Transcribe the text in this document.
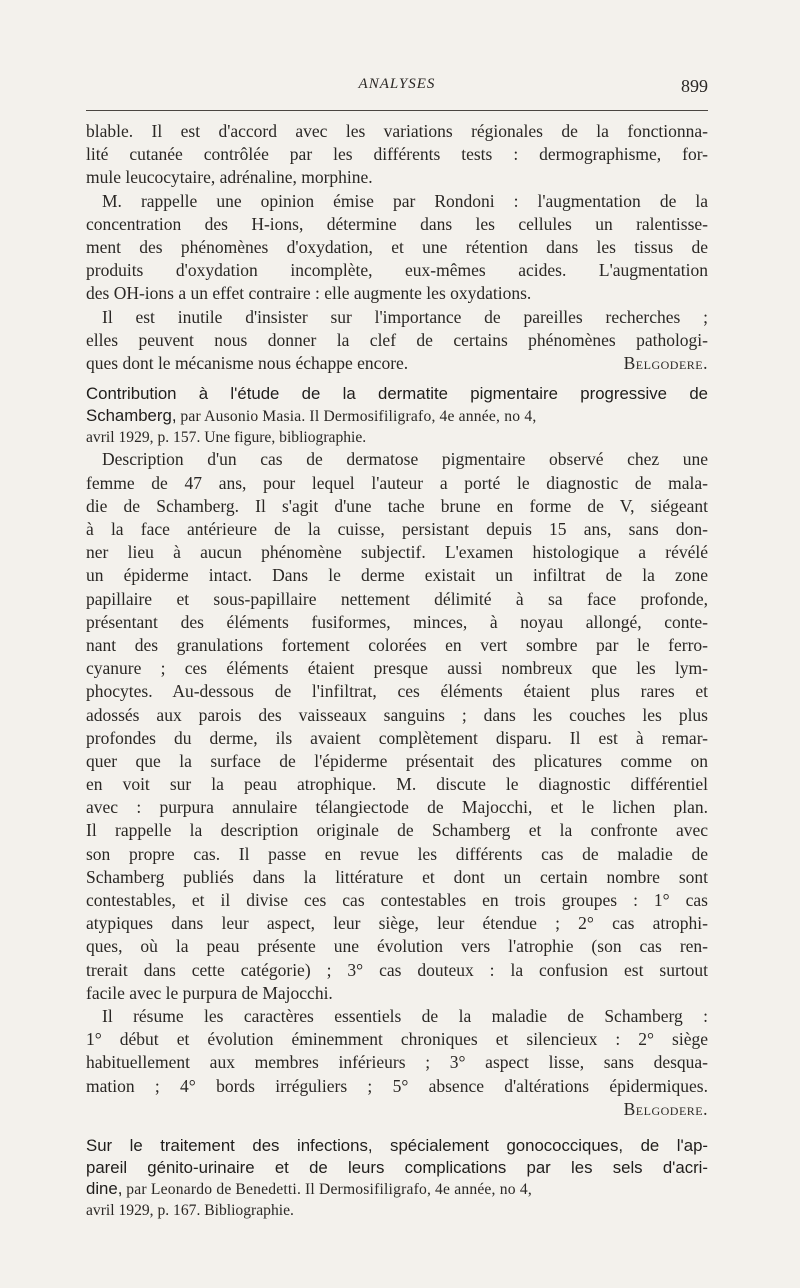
ANALYSES	899
blable. Il est d'accord avec les variations régionales de la fonctionna-
lité cutanée contrôlée par les différents tests : dermographisme, for-
mule leucocytaire, adrénaline, morphine.
M. rappelle une opinion émise par Rondoni : l'augmentation de la
concentration des H-ions, détermine dans les cellules un ralentisse-
ment des phénomènes d'oxydation, et une rétention dans les tissus de
produits d'oxydation incomplète, eux-mêmes acides. L'augmentation
des OH-ions a un effet contraire : elle augmente les oxydations.
Il est inutile d'insister sur l'importance de pareilles recherches ;
elles peuvent nous donner la clef de certains phénomènes pathologi-
ques dont le mécanisme nous échappe encore.	Belgodere.
Contribution à l'étude de la dermatite pigmentaire progressive de
Schamberg, par Ausonio Masia. Il Dermosifiligrafo, 4e année, no 4,
avril 1929, p. 157. Une figure, bibliographie.
Description d'un cas de dermatose pigmentaire observé chez une
femme de 47 ans, pour lequel l'auteur a porté le diagnostic de mala-
die de Schamberg. Il s'agit d'une tache brune en forme de V, siégeant
à la face antérieure de la cuisse, persistant depuis 15 ans, sans don-
ner lieu à aucun phénomène subjectif. L'examen histologique a révélé
un épiderme intact. Dans le derme existait un infiltrat de la zone
papillaire et sous-papillaire nettement délimité à sa face profonde,
présentant des éléments fusiformes, minces, à noyau allongé, conte-
nant des granulations fortement colorées en vert sombre par le ferro-
cyanure ; ces éléments étaient presque aussi nombreux que les lym-
phocytes. Au-dessous de l'infiltrat, ces éléments étaient plus rares et
adossés aux parois des vaisseaux sanguins ; dans les couches les plus
profondes du derme, ils avaient complètement disparu. Il est à remar-
quer que la surface de l'épiderme présentait des plicatures comme on
en voit sur la peau atrophique. M. discute le diagnostic différentiel
avec : purpura annulaire télangiectode de Majocchi, et le lichen plan.
Il rappelle la description originale de Schamberg et la confronte avec
son propre cas. Il passe en revue les différents cas de maladie de
Schamberg publiés dans la littérature et dont un certain nombre sont
contestables, et il divise ces cas contestables en trois groupes : 1° cas
atypiques dans leur aspect, leur siège, leur étendue ; 2° cas atrophi-
ques, où la peau présente une évolution vers l'atrophie (son cas ren-
trerait dans cette catégorie) ; 3° cas douteux : la confusion est surtout
facile avec le purpura de Majocchi.
Il résume les caractères essentiels de la maladie de Schamberg :
1° début et évolution éminemment chroniques et silencieux : 2° siège
habituellement aux membres inférieurs ; 3° aspect lisse, sans desqua-
mation ; 4° bords irréguliers ; 5° absence d'altérations épidermiques.
Belgodere.
Sur le traitement des infections, spécialement gonococciques, de l'ap-
pareil génito-urinaire et de leurs complications par les sels d'acri-
dine, par Leonardo de Benedetti. Il Dermosifiligrafo, 4e année, no 4,
avril 1929, p. 167. Bibliographie.
